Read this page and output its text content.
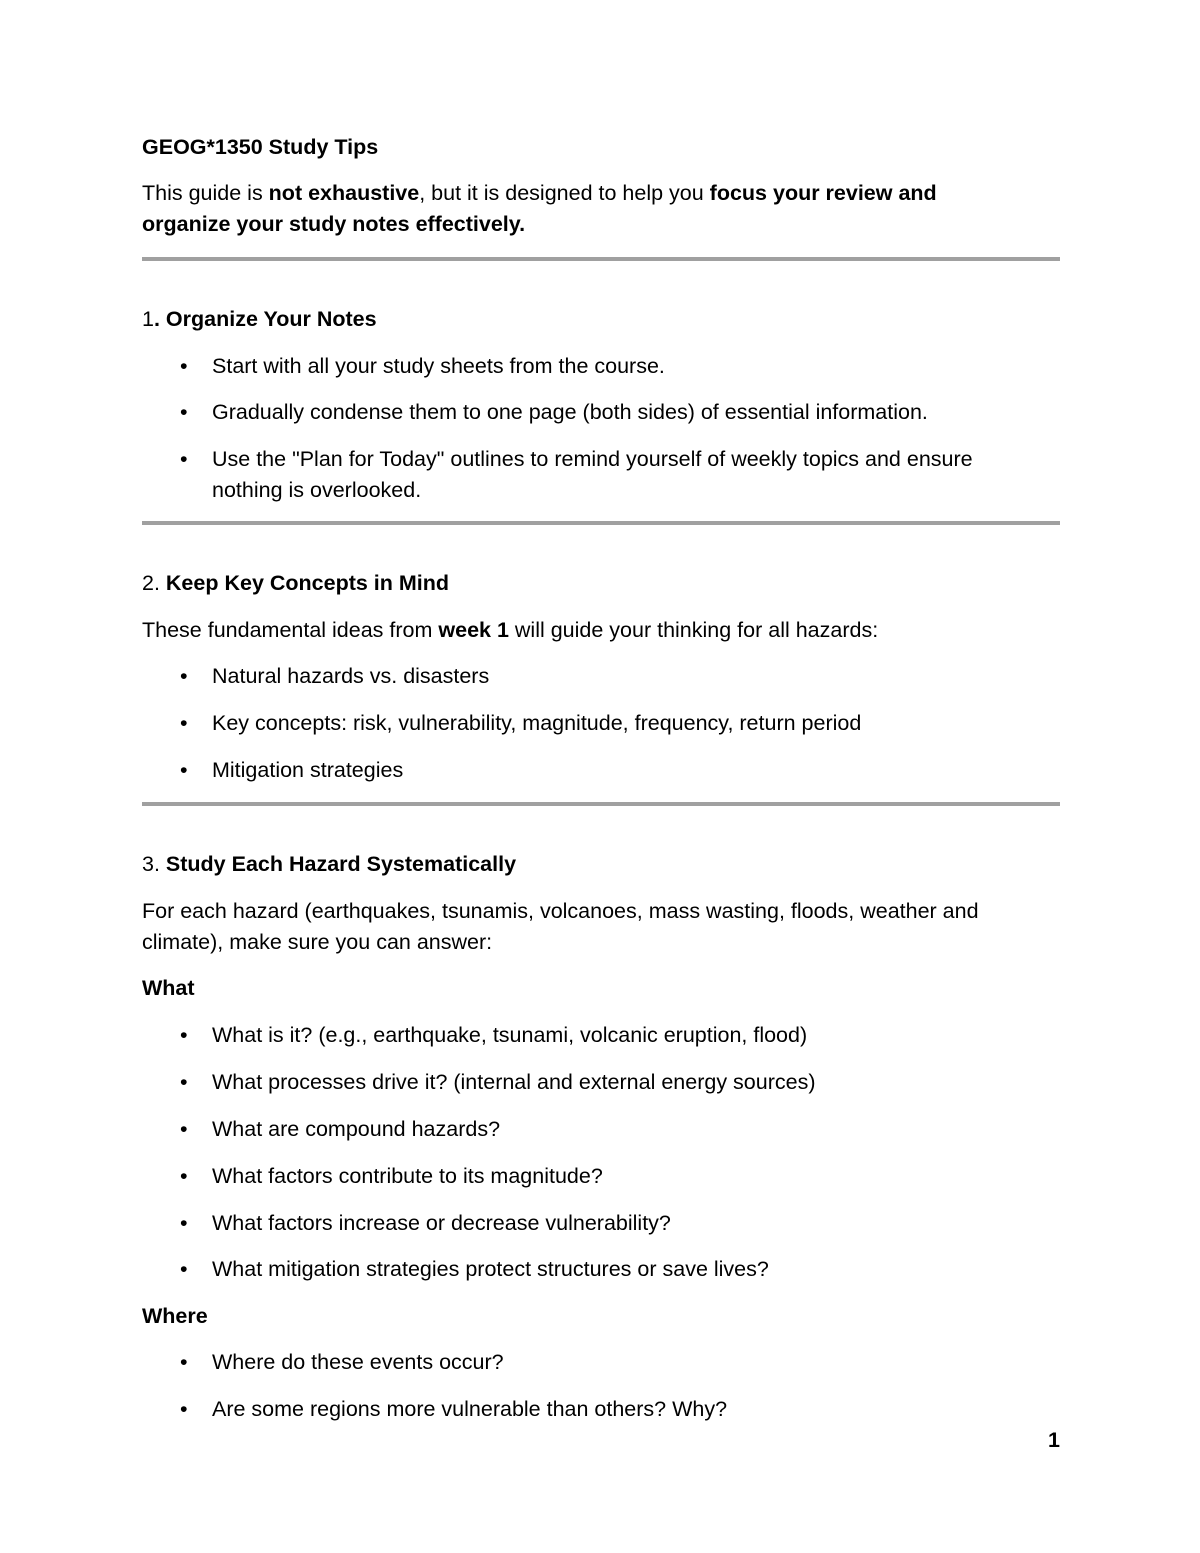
GEOG*1350 Study Tips
This guide is not exhaustive, but it is designed to help you focus your review and
organize your study notes effectively.
1. Organize Your Notes
• Start with all your study sheets from the course.
• Gradually condense them to one page (both sides) of essential information.
• Use the "Plan for Today" outlines to remind yourself of weekly topics and ensure
nothing is overlooked.
2. Keep Key Concepts in Mind
These fundamental ideas from week 1 will guide your thinking for all hazards:
• Natural hazards vs. disasters
• Key concepts: risk, vulnerability, magnitude, frequency, return period
• Mitigation strategies
3. Study Each Hazard Systematically
For each hazard (earthquakes, tsunamis, volcanoes, mass wasting, floods, weather and
climate), make sure you can answer:
What
• What is it? (e.g., earthquake, tsunami, volcanic eruption, flood)
• What processes drive it? (internal and external energy sources)
• What are compound hazards?
• What factors contribute to its magnitude?
• What factors increase or decrease vulnerability?
• What mitigation strategies protect structures or save lives?
Where
• Where do these events occur?
• Are some regions more vulnerable than others? Why?
1
